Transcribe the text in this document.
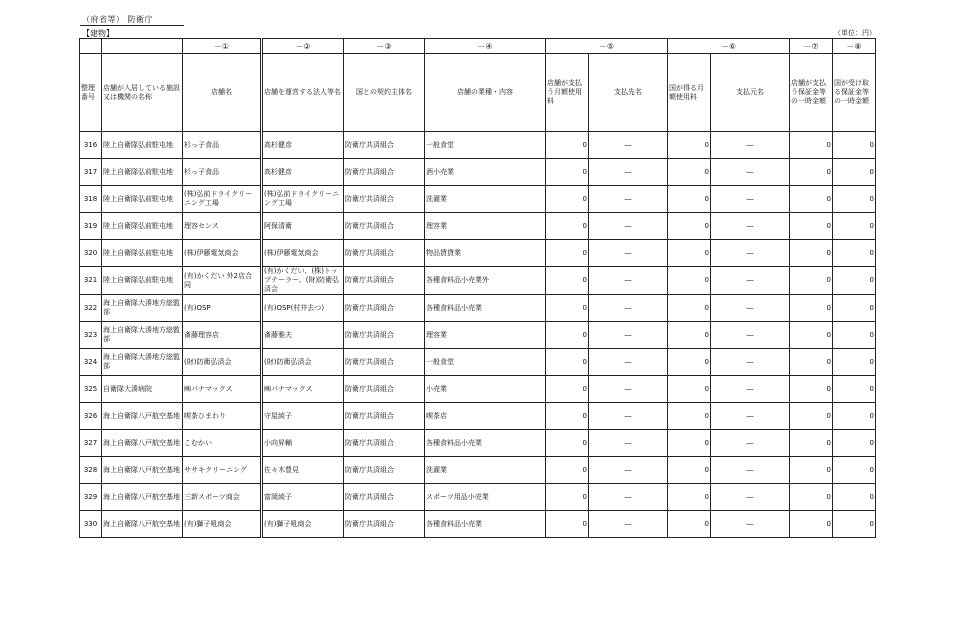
（府省等） 防衛庁
【建物】	（単位：円）
		－①	－②	－③	－④	－⑤		－⑥		－⑦	－⑧
整理番号	店舗が入居している施設又は機関の名称	店舗名	店舗を運営する法人等名	国との契約主体名	店舗の業種・内容	店舗が支払う月額使用料	支払先名	国が得る月額使用料	支払元名	店舗が支払う保証金等の一時金額	国が受け取る保証金等の一時金額
316	陸上自衛隊弘前駐屯地	杉っ子食品	高杉健彦	防衛庁共済組合	一般食堂	0	―	0	―	0	0
317	陸上自衛隊弘前駐屯地	杉っ子食品	高杉健彦	防衛庁共済組合	酒小売業	0	―	0	―	0	0
318	陸上自衛隊弘前駐屯地	(株)弘前ドライクリーニング工場	(株)弘前ドライクリーニング工場	防衛庁共済組合	洗濯業	0	―	0	―	0	0
319	陸上自衛隊弘前駐屯地	理容センス	阿保清衛	防衛庁共済組合	理容業	0	―	0	―	0	0
320	陸上自衛隊弘前駐屯地	(株)伊藤電気商会	(株)伊藤電気商会	防衛庁共済組合	物品賃貸業	0	―	0	―	0	0
321	陸上自衛隊弘前駐屯地	(有)かくだい 外2店合同	(有)かくだい、(株)トップテーラー、(財)防衛弘済会	防衛庁共済組合	各種食料品小売業外	0	―	0	―	0	0
322	海上自衛隊大湊地方総監部	(有)OSP	(有)OSP(村井去つ)	防衛庁共済組合	各種食料品小売業	0	―	0	―	0	0
323	海上自衛隊大湊地方総監部	斎藤理容店	斎藤雅夫	防衛庁共済組合	理容業	0	―	0	―	0	0
324	海上自衛隊大湊地方総監部	(財)防衛弘済会	(財)防衛弘済会	防衛庁共済組合	一般食堂	0	―	0	―	0	0
325	自衛隊大湊病院	㈱パナマックス	㈱パナマックス	防衛庁共済組合	小売業	0	―	0	―	0	0
326	海上自衛隊八戸航空基地	喫茶ひまわり	守屋綾子	防衛庁共済組合	喫茶店	0	―	0	―	0	0
327	海上自衛隊八戸航空基地	こむかい	小向昇輔	防衛庁共済組合	各種食料品小売業	0	―	0	―	0	0
328	海上自衛隊八戸航空基地	ササキクリーニング	佐々木豊見	防衛庁共済組合	洗濯業	0	―	0	―	0	0
329	海上自衛隊八戸航空基地	三新スポーツ商会	富岡綾子	防衛庁共済組合	スポーツ用品小売業	0	―	0	―	0	0
330	海上自衛隊八戸航空基地	(有)獅子吼商会	(有)獅子吼商会	防衛庁共済組合	各種食料品小売業	0	―	0	―	0	0
